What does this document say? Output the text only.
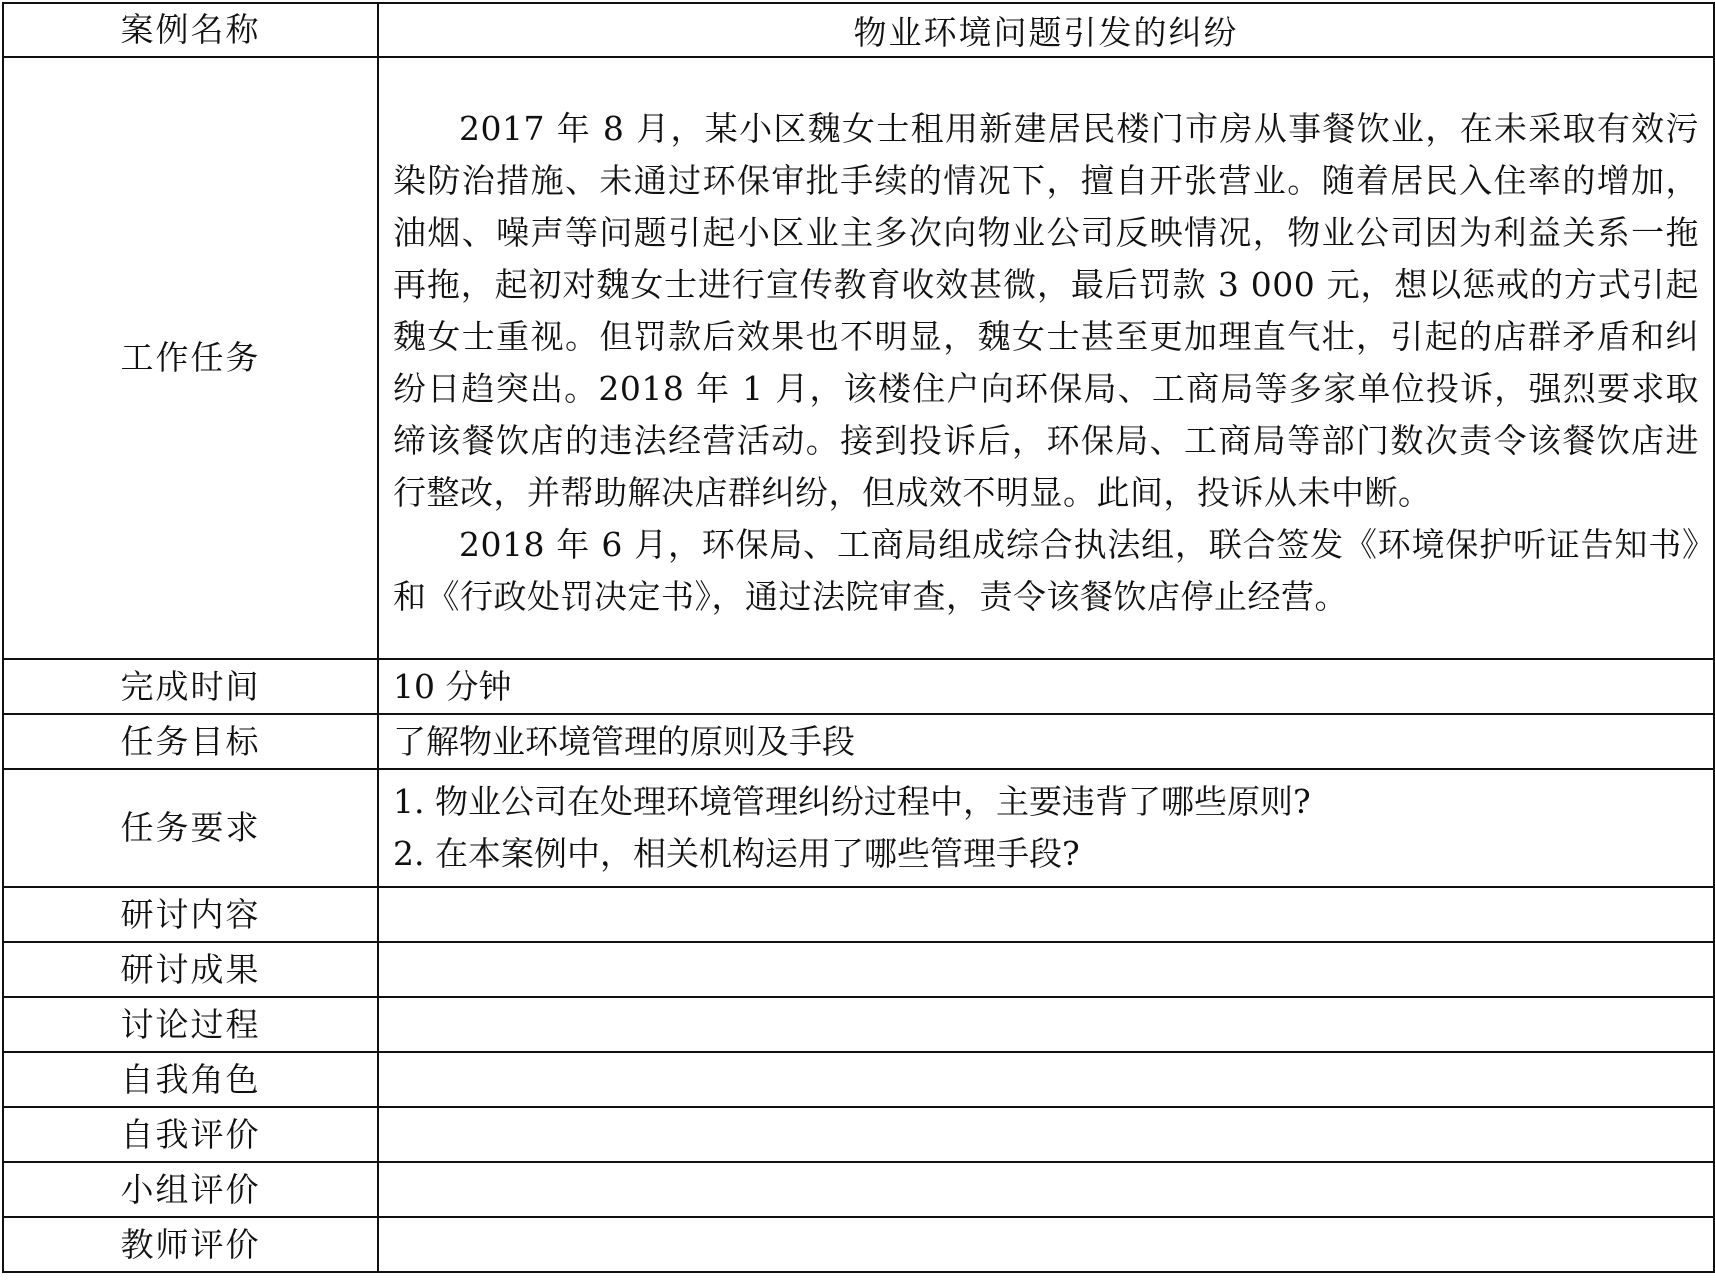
案例名称	物业环境问题引发的纠纷
工作任务	2017 年 8 月，某小区魏女士租用新建居民楼门市房从事餐饮业，在未采取有效污染防治措施、未通过环保审批手续的情况下，擅自开张营业。随着居民入住率的增加，油烟、噪声等问题引起小区业主多次向物业公司反映情况，物业公司因为利益关系一拖再拖，起初对魏女士进行宣传教育收效甚微，最后罚款 3 000 元，想以惩戒的方式引起魏女士重视。但罚款后效果也不明显，魏女士甚至更加理直气壮，引起的店群矛盾和纠纷日趋突出。2018 年 1 月，该楼住户向环保局、工商局等多家单位投诉，强烈要求取缔该餐饮店的违法经营活动。接到投诉后，环保局、工商局等部门数次责令该餐饮店进行整改，并帮助解决店群纠纷，但成效不明显。此间，投诉从未中断。

2018 年 6 月，环保局、工商局组成综合执法组，联合签发《环境保护听证告知书》和《行政处罚决定书》，通过法院审查，责令该餐饮店停止经营。

完成时间	10 分钟
任务目标	了解物业环境管理的原则及手段
任务要求	1. 物业公司在处理环境管理纠纷过程中，主要违背了哪些原则?
2. 在本案例中，相关机构运用了哪些管理手段?

研讨内容	
研讨成果	
讨论过程	
自我角色	
自我评价	
小组评价	
教师评价	
